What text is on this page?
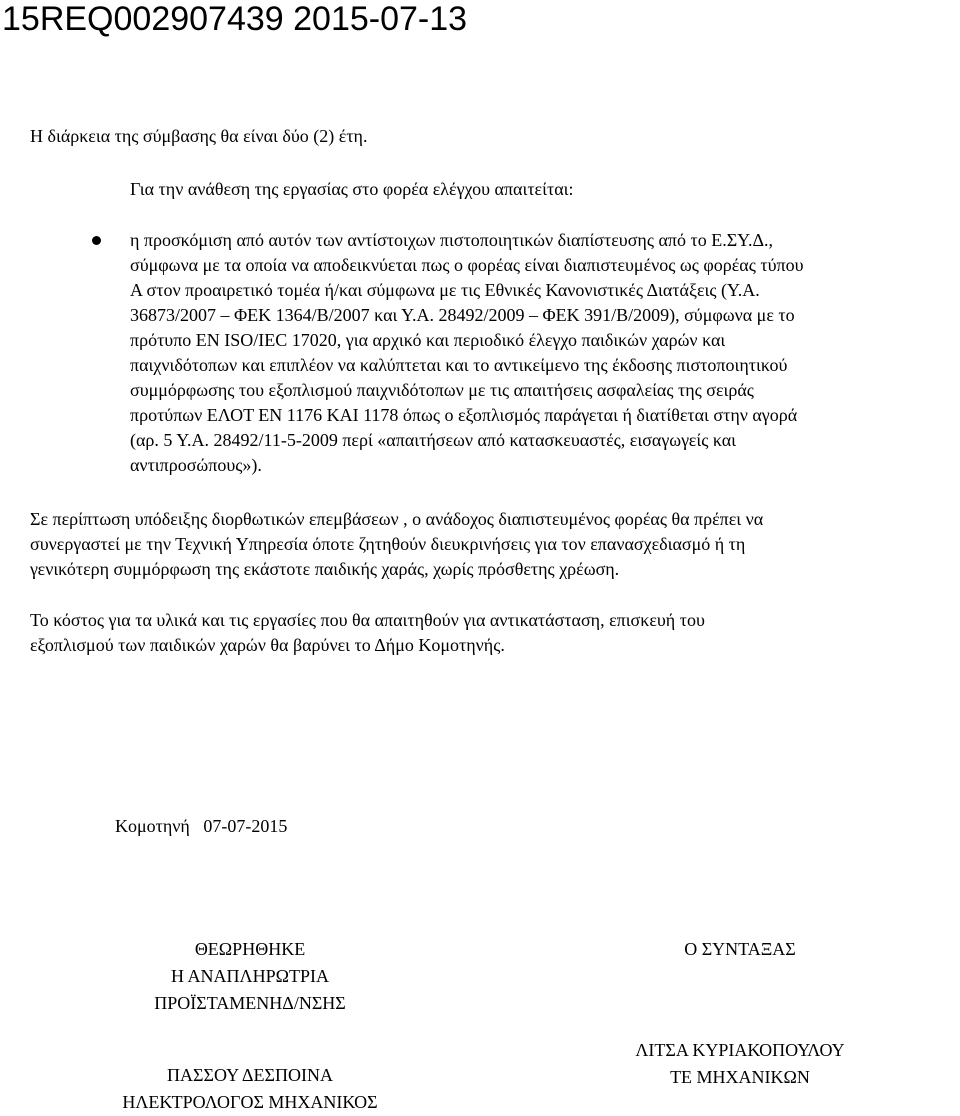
15REQ002907439 2015-07-13

Η διάρκεια της σύμβασης θα είναι δύο (2) έτη.

Για την ανάθεση της εργασίας στο φορέα ελέγχου απαιτείται:

η προσκόμιση από αυτόν των αντίστοιχων πιστοποιητικών διαπίστευσης από το Ε.ΣΥ.Δ.,
σύμφωνα με τα οποία να αποδεικνύεται πως ο φορέας είναι διαπιστευμένος ως φορέας τύπου
Α στον προαιρετικό τομέα ή/και σύμφωνα με τις Εθνικές Κανονιστικές Διατάξεις (Υ.Α.
36873/2007 – ΦΕΚ 1364/Β/2007 και Υ.Α. 28492/2009 – ΦΕΚ 391/Β/2009), σύμφωνα με το
πρότυπο ΕΝ ISO/IEC 17020, για αρχικό και περιοδικό έλεγχο παιδικών χαρών και
παιχνιδότοπων και επιπλέον να καλύπτεται και το αντικείμενο της έκδοσης πιστοποιητικού
συμμόρφωσης του εξοπλισμού παιχνιδότοπων με τις απαιτήσεις ασφαλείας της σειράς
προτύπων ΕΛΟΤ ΕΝ 1176 ΚΑΙ 1178 όπως ο εξοπλισμός παράγεται ή διατίθεται στην αγορά
(αρ. 5 Υ.Α. 28492/11-5-2009 περί «απαιτήσεων από κατασκευαστές, εισαγωγείς και
αντιπροσώπους»).

Σε περίπτωση υπόδειξης διορθωτικών επεμβάσεων , ο ανάδοχος διαπιστευμένος φορέας θα πρέπει να
συνεργαστεί με την Τεχνική Υπηρεσία όποτε ζητηθούν διευκρινήσεις για τον επανασχεδιασμό ή τη
γενικότερη συμμόρφωση της εκάστοτε παιδικής χαράς, χωρίς πρόσθετης χρέωση.

Το κόστος για τα υλικά και τις εργασίες που θα απαιτηθούν για αντικατάσταση, επισκευή του
εξοπλισμού των παιδικών χαρών θα βαρύνει το Δήμο Κομοτηνής.

Κομοτηνή   07-07-2015

ΘΕΩΡΗΘΗΚΕ
Η ΑΝΑΠΛΗΡΩΤΡΙΑ
ΠΡΟΪΣΤΑΜΕΝΗΔ/ΝΣΗΣ
ΠΑΣΣΟΥ ΔΕΣΠΟΙΝΑ
ΗΛΕΚΤΡΟΛΟΓΟΣ ΜΗΧΑΝΙΚΟΣ
Ο ΣΥΝΤΑΞΑΣ
ΛΙΤΣΑ ΚΥΡΙΑΚΟΠΟΥΛΟΥ
ΤΕ ΜΗΧΑΝΙΚΩΝ
